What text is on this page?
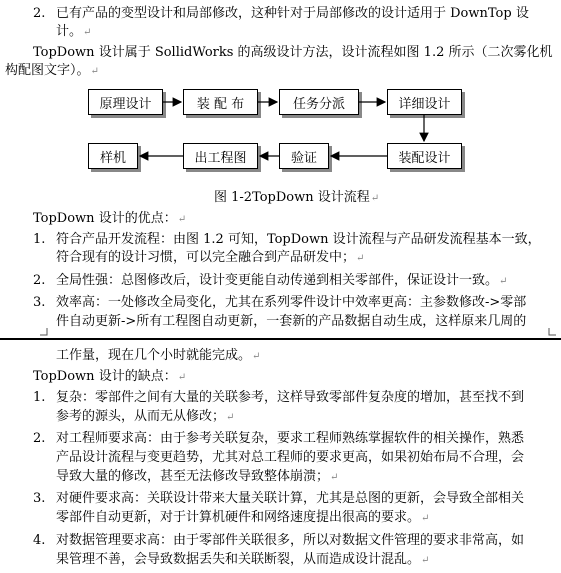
2. 已有产品的变型设计和局部修改，这种针对于局部修改的设计适用于 DownTop 设
计。↵
TopDown 设计属于 SollidWorks 的高级设计方法，设计流程如图 1.2 所示（二次雾化机
构配图文字）。↵
原理设计	装 配 布	任务分派	详细设计
样机	出工程图	验证	装配设计
图 1-2TopDown 设计流程↵
TopDown 设计的优点：↵
1. 符合产品开发流程：由图 1.2 可知，TopDown 设计流程与产品研发流程基本一致，
符合现有的设计习惯，可以完全融合到产品研发中；↵
2. 全局性强：总图修改后，设计变更能自动传递到相关零部件，保证设计一致。↵
3. 效率高：一处修改全局变化，尤其在系列零件设计中效率更高：主参数修改->零部
件自动更新->所有工程图自动更新，一套新的产品数据自动生成，这样原来几周的
工作量，现在几个小时就能完成。↵
TopDown 设计的缺点：↵
1. 复杂：零部件之间有大量的关联参考，这样导致零部件复杂度的增加，甚至找不到
参考的源头，从而无从修改；↵
2. 对工程师要求高：由于参考关联复杂，要求工程师熟练掌握软件的相关操作，熟悉
产品设计流程与变更趋势，尤其对总工程师的要求更高，如果初始布局不合理，会
导致大量的修改，甚至无法修改导致整体崩溃；↵
3. 对硬件要求高：关联设计带来大量关联计算，尤其是总图的更新，会导致全部相关
零部件自动更新，对于计算机硬件和网络速度提出很高的要求。↵
4. 对数据管理要求高：由于零部件关联很多，所以对数据文件管理的要求非常高，如
果管理不善，会导致数据丢失和关联断裂，从而造成设计混乱。↵
